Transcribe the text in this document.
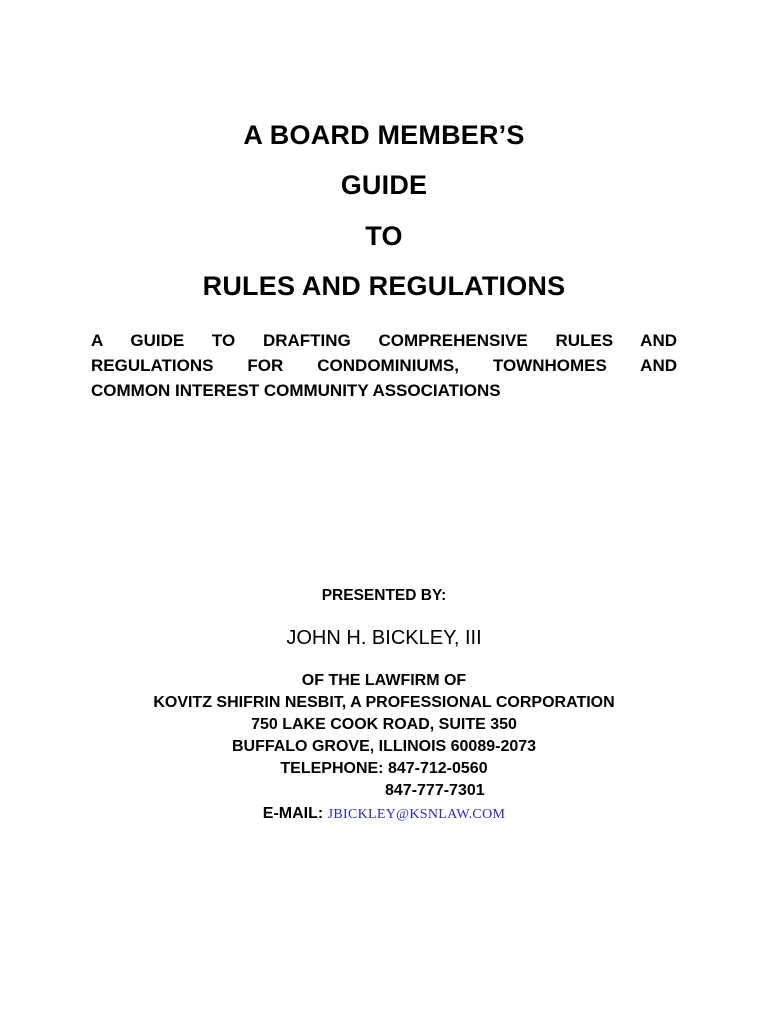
A BOARD MEMBER’S
GUIDE
TO
RULES AND REGULATIONS
A GUIDE TO DRAFTING COMPREHENSIVE RULES AND
REGULATIONS FOR CONDOMINIUMS, TOWNHOMES AND
COMMON INTEREST COMMUNITY ASSOCIATIONS
PRESENTED BY:
JOHN H. BICKLEY, III
OF THE LAWFIRM OF
KOVITZ SHIFRIN NESBIT, A PROFESSIONAL CORPORATION
750 LAKE COOK ROAD, SUITE 350
BUFFALO GROVE, ILLINOIS 60089-2073
TELEPHONE: 847-712-0560
847-777-7301
E-MAIL: JBICKLEY@KSNLAW.COM
